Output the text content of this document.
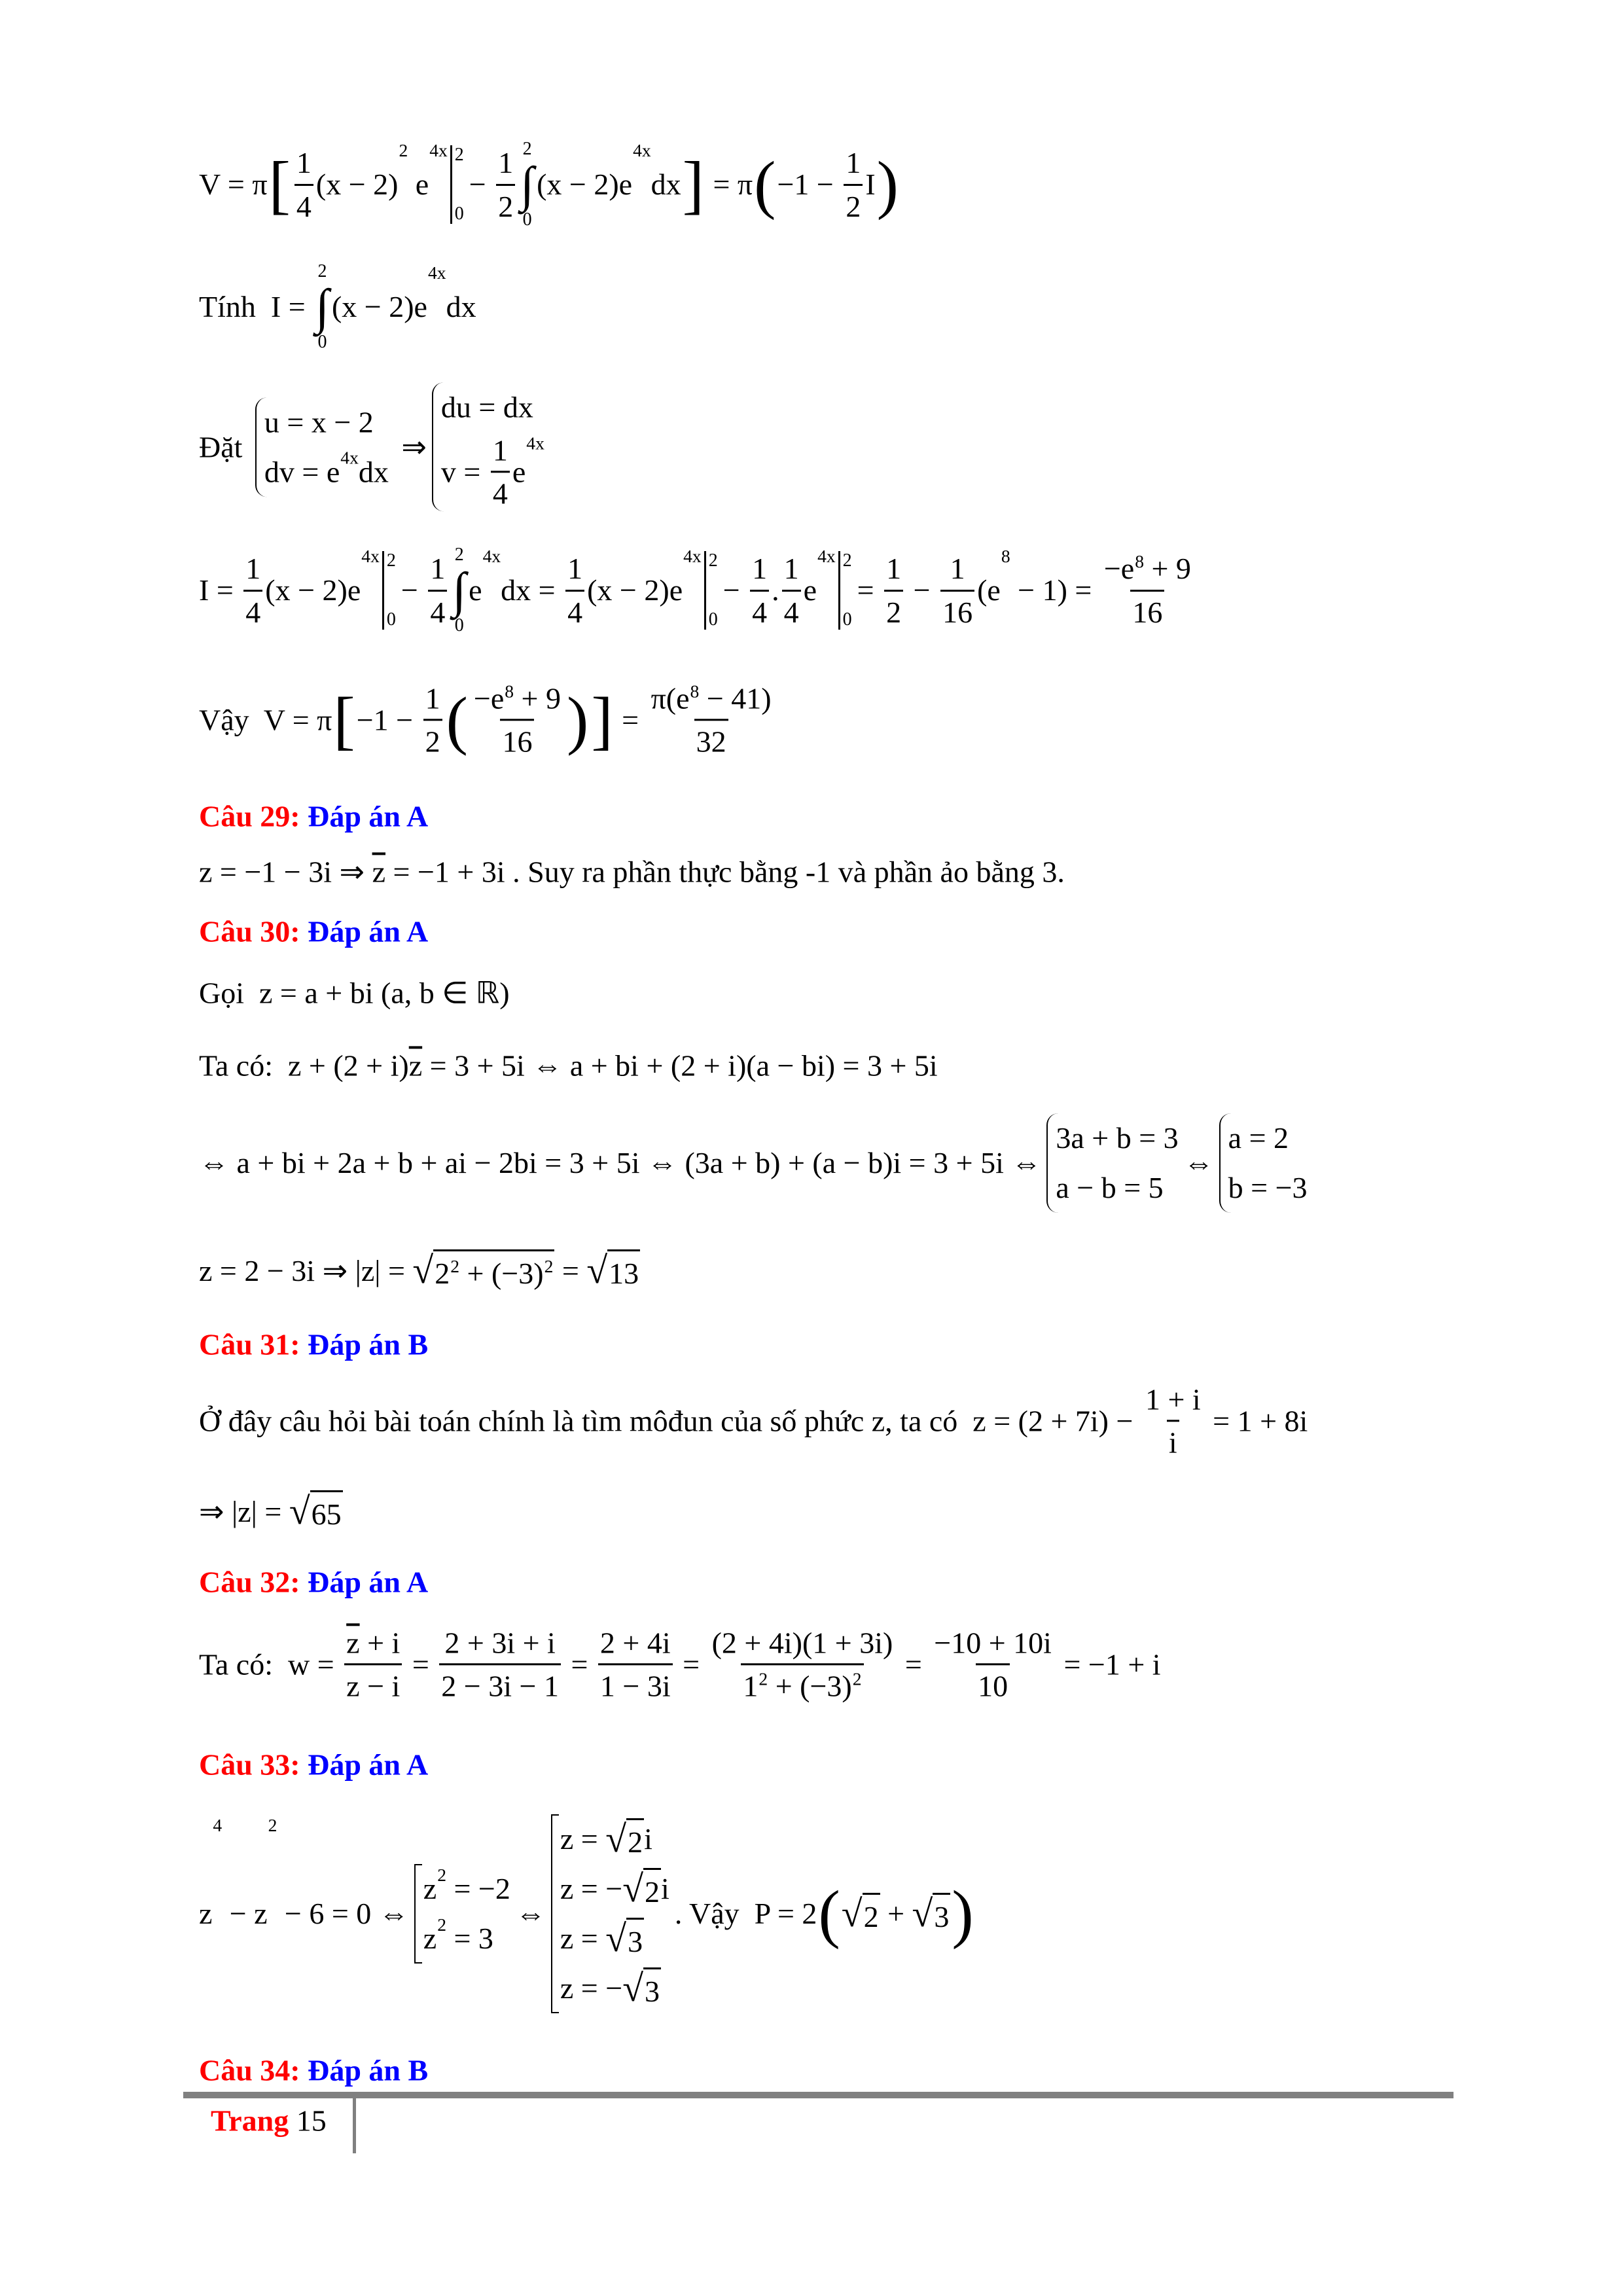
V = π [ $\frac{1}{4} (x - 2)$
2
e
4x 2
0
− $\frac{1}{2} 2$
∫
0
(x − 2)e
4x
dx ] = π ( $-1 - \frac{1}{2}$ I )
Tính  I =
2
∫
0
(x − 2)e
4x
dx
Đặt
u = x − 2
dv = e 4x dx
⇒
du = dx
$v = \frac{1}{4}$ e
4x
$I = \frac{1}{4} (x - 2)e$
4x 2
0
− $\frac{1}{4} 2$
∫
0
e
4x
dx = $\frac{1}{4} (x - 2)e$
4x 2
0
− $\frac{1}{4}$ . $\frac{1}{4}$ e
4x 2
0
= $\frac{1}{2} - \frac{1}{16} (e$
8
− $1) = \frac{-e 8 + 9}{16}$
Vậy  V = π [ $-1 - \frac{1}{2}$ ( $\frac{-e 8 + 9}{16}$ ) ] = $\frac{\pi(e 8 - 41)}{32}$
Câu 29: Đáp án A
z = −1 − 3i ⇒ $\overline{z} = -1 + 3i$ . Suy ra phần thực bằng -1 và phần ảo bằng 3.
Câu 30: Đáp án A
Gọi  z = a + bi (a, b ∈ ℝ)
Ta có:  z + (2 + i) $\overline{z} = 3 + 5i$ ⇔ a + bi + (2 + i)(a − bi) = 3 + 5i
⇔ a + bi + 2a + b + ai − 2bi = 3 + 5i ⇔ (3a + b) + (a − b)i = 3 + 5i ⇔
3a + b = 3
a − b = 5
⇔
a = 2
b = −3
z = 2 − 3i ⇒ |z| = √ 2 2 + (−3) 2 = √ 13
Câu 31: Đáp án B
Ở đây câu hỏi bài toán chính là tìm môđun của số phức z, ta có  $z = (2 + 7i) - \frac{1 + i}{i} = 1 + 8i$
⇒ |z| = √ 65
Câu 32: Đáp án A
Ta có:  $w = \frac{\overline{z} + i}{z - i} = \frac{2 + 3i + i}{2 - 3i - 1} = \frac{2 + 4i}{1 - 3i} = \frac{(2 + 4i)(1 + 3i)}{1 2 + (-3) 2} = \frac{-10 + 10i}{10} = -1 + i$
Câu 33: Đáp án A
z
4
− z
2
− 6 = 0 ⇔
z 2 = −2
z 2 = 3
⇔
z = √ 2 i
z = − √ 2 i
z = √ 3
z = − √ 3
. Vậy  P = 2 ( √ 2 + √ 3 )
Câu 34: Đáp án B
Trang 15
